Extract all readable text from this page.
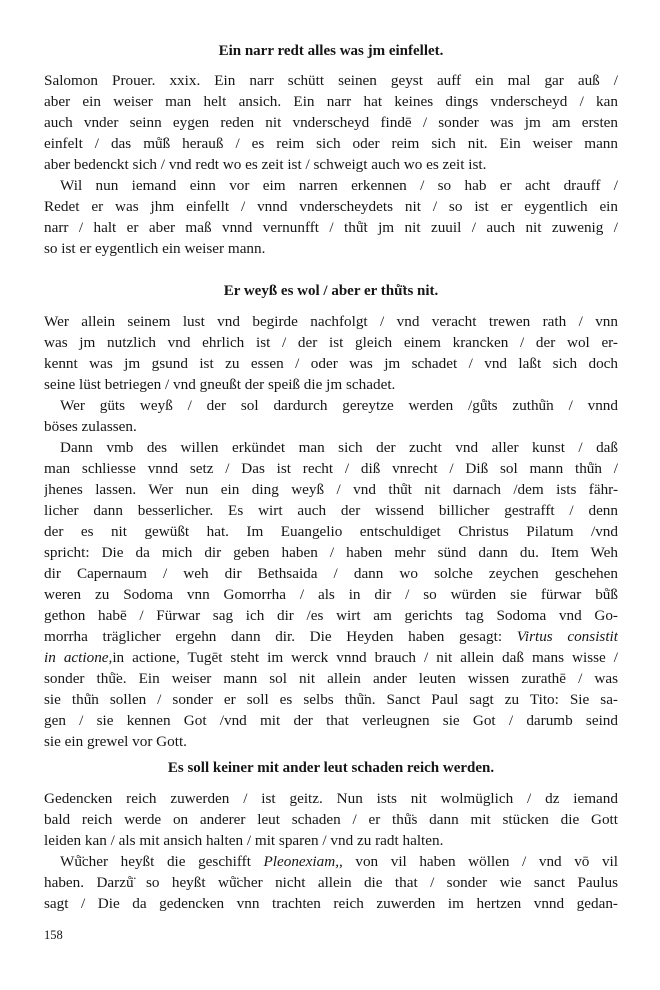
Ein narr redt alles was jm einfellet.
Salomon Prouer. xxix. Ein narr schütt seinen geyst auff ein mal gar auß /
aber ein weiser man helt ansich. Ein narr hat keines dings vnderscheyd / kan
auch vnder seinn eygen reden nit vnderscheyd findē / sonder was jm am ersten
einfelt / das mů̈ß herauß / es reim sich oder reim sich nit. Ein weiser mann
aber bedenckt sich / vnd redt wo es zeit ist / schweigt auch wo es zeit ist.
Wil nun iemand einn vor eim narren erkennen / so hab er acht drauff /
Redet er was jhm einfellt / vnnd vnderscheydets nit / so ist er eygentlich ein
narr / halt er aber maß vnnd vernunfft / thů̈t jm nit zuuil / auch nit zuwenig /
so ist er eygentlich ein weiser mann.
Er weyß es wol / aber er thů̈ts nit.
Wer allein seinem lust vnd begirde nachfolgt / vnd veracht trewen rath / vnn
was jm nutzlich vnd ehrlich ist / der ist gleich einem krancken / der wol er-
kennt was jm gsund ist zu essen / oder was jm schadet / vnd laßt sich doch
seine lüst betriegen / vnd gneußt der speiß die jm schadet.
Wer güts weyß / der sol dardurch gereytze werden /gů̈ts zuthů̈n / vnnd
böses zulassen.
Dann vmb des willen erkündet man sich der zucht vnd aller kunst / daß
man schliesse vnnd setz / Das ist recht / diß vnrecht / Diß sol mann thů̈n /
jhenes lassen. Wer nun ein ding weyß / vnd thů̈t nit darnach /dem ists fähr-
licher dann besserlicher. Es wirt auch der wissend billicher gestrafft / denn
der es nit gewüßt hat. Im Euangelio entschuldiget Christus Pilatum /vnd
spricht: Die da mich dir geben haben / haben mehr sünd dann du. Item Weh
dir Capernaum / weh dir Bethsaida / dann wo solche zeychen geschehen
weren zu Sodoma vnn Gomorrha / als in dir / so würden sie fürwar bů̈ß
gethon habē / Fürwar sag ich dir /es wirt am gerichts tag Sodoma vnd Go-
morrha träglicher ergehn dann dir. Die Heyden haben gesagt: Virtus consistit
in actione,in actione, Tugēt steht im werck vnnd brauch / nit allein daß mans wisse /
sonder thů̈e. Ein weiser mann sol nit allein ander leuten wissen zurathē / was
sie thů̈n sollen / sonder er soll es selbs thů̈n. Sanct Paul sagt zu Tito: Sie sa-
gen / sie kennen Got /vnd mit der that verleugnen sie Got / darumb seind
sie ein grewel vor Gott.
Es soll keiner mit ander leut schaden reich werden.
Gedencken reich zuwerden / ist geitz. Nun ists nit wolmüglich / dz iemand
bald reich werde on anderer leut schaden / er thů̈s dann mit stücken die Gott
leiden kan / als mit ansich halten / mit sparen / vnd zu radt halten.
Wů̈cher heyßt die geschifft Pleonexiam,, von vil haben wöllen / vnd vō vil
haben. Darzů̈ so heyßt wů̈cher nicht allein die that / sonder wie sanct Paulus
sagt / Die da gedencken vnn trachten reich zuwerden im hertzen vnnd gedan-
158
